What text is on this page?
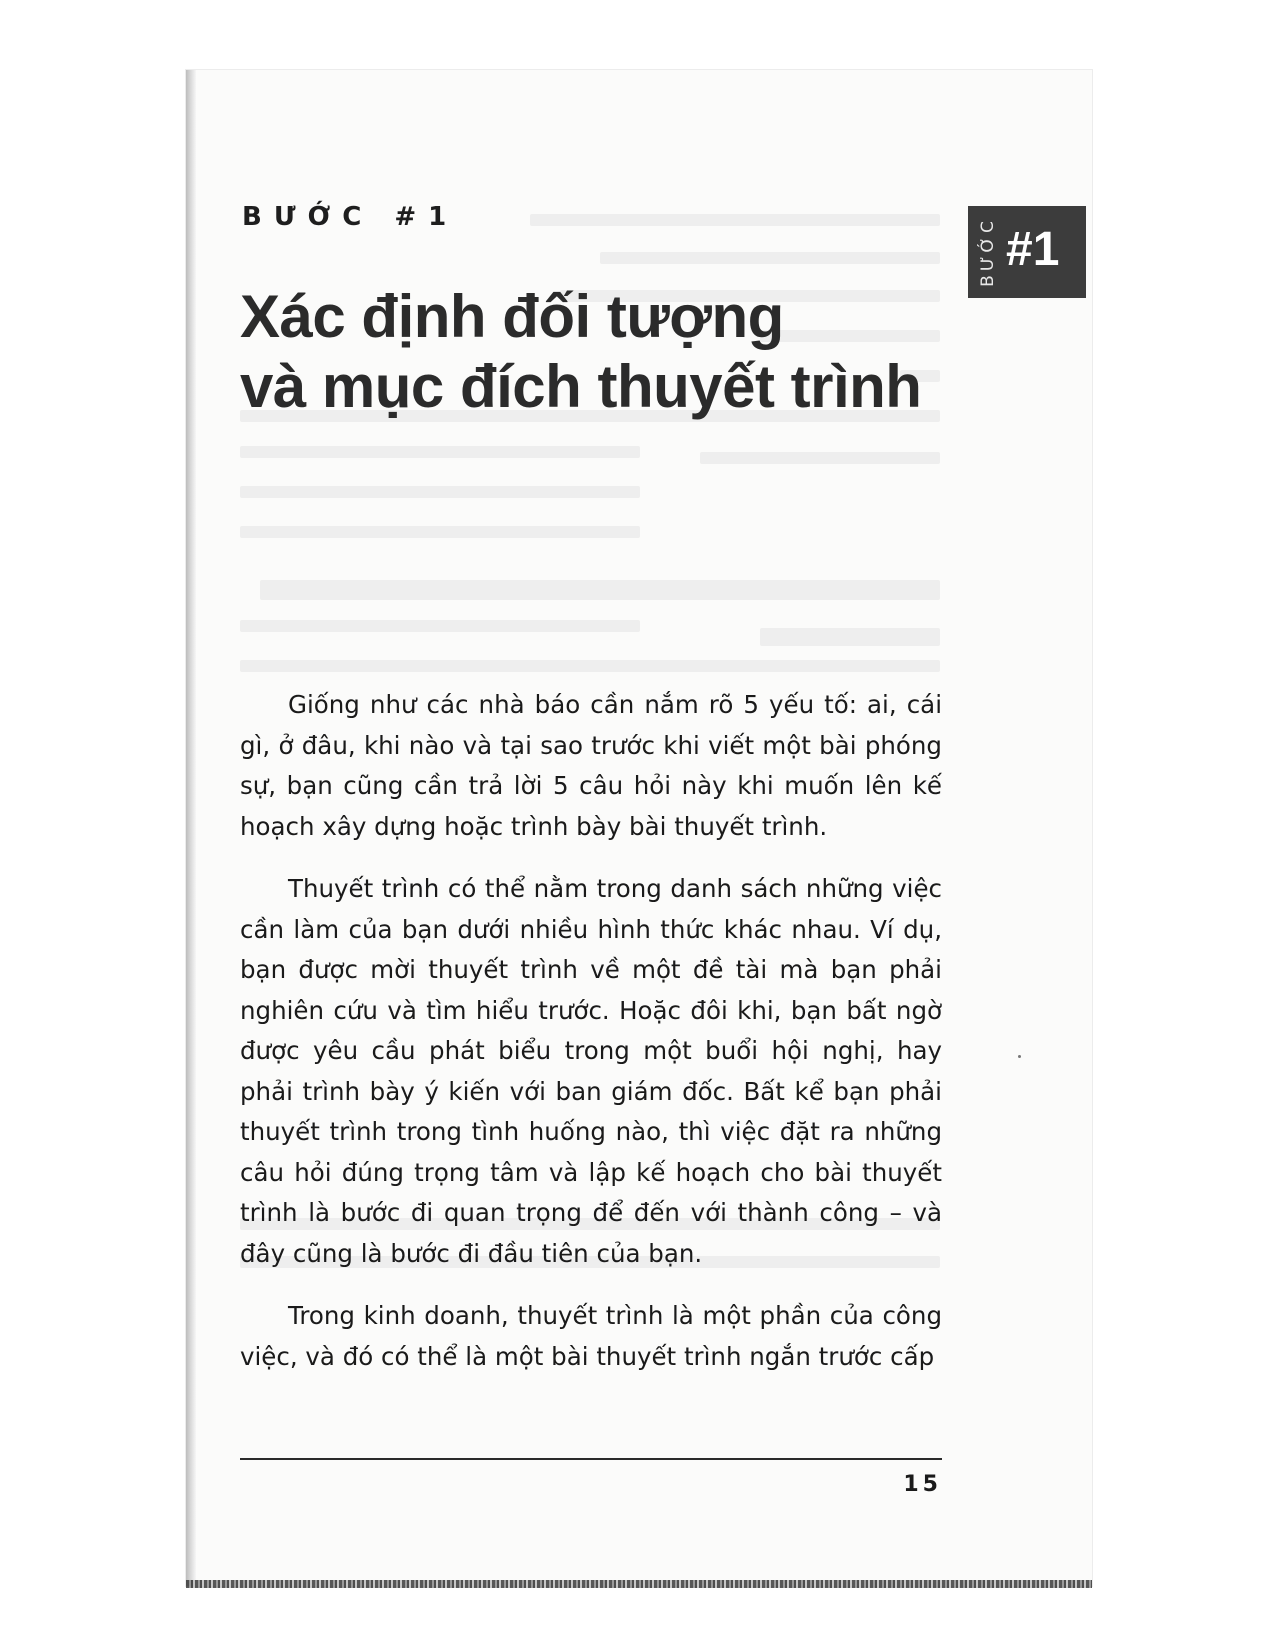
BƯỚC #1
Xác định đối tượng
và mục đích thuyết trình
BƯỚC #1

Giống như các nhà báo cần nắm rõ 5 yếu tố: ai, cái gì, ở đâu, khi nào và tại sao trước khi viết một bài phóng sự, bạn cũng cần trả lời 5 câu hỏi này khi muốn lên kế hoạch xây dựng hoặc trình bày bài thuyết trình.

Thuyết trình có thể nằm trong danh sách những việc cần làm của bạn dưới nhiều hình thức khác nhau. Ví dụ, bạn được mời thuyết trình về một đề tài mà bạn phải nghiên cứu và tìm hiểu trước. Hoặc đôi khi, bạn bất ngờ được yêu cầu phát biểu trong một buổi hội nghị, hay phải trình bày ý kiến với ban giám đốc. Bất kể bạn phải thuyết trình trong tình huống nào, thì việc đặt ra những câu hỏi đúng trọng tâm và lập kế hoạch cho bài thuyết trình là bước đi quan trọng để đến với thành công – và đây cũng là bước đi đầu tiên của bạn.

Trong kinh doanh, thuyết trình là một phần của công việc, và đó có thể là một bài thuyết trình ngắn trước cấp

15
